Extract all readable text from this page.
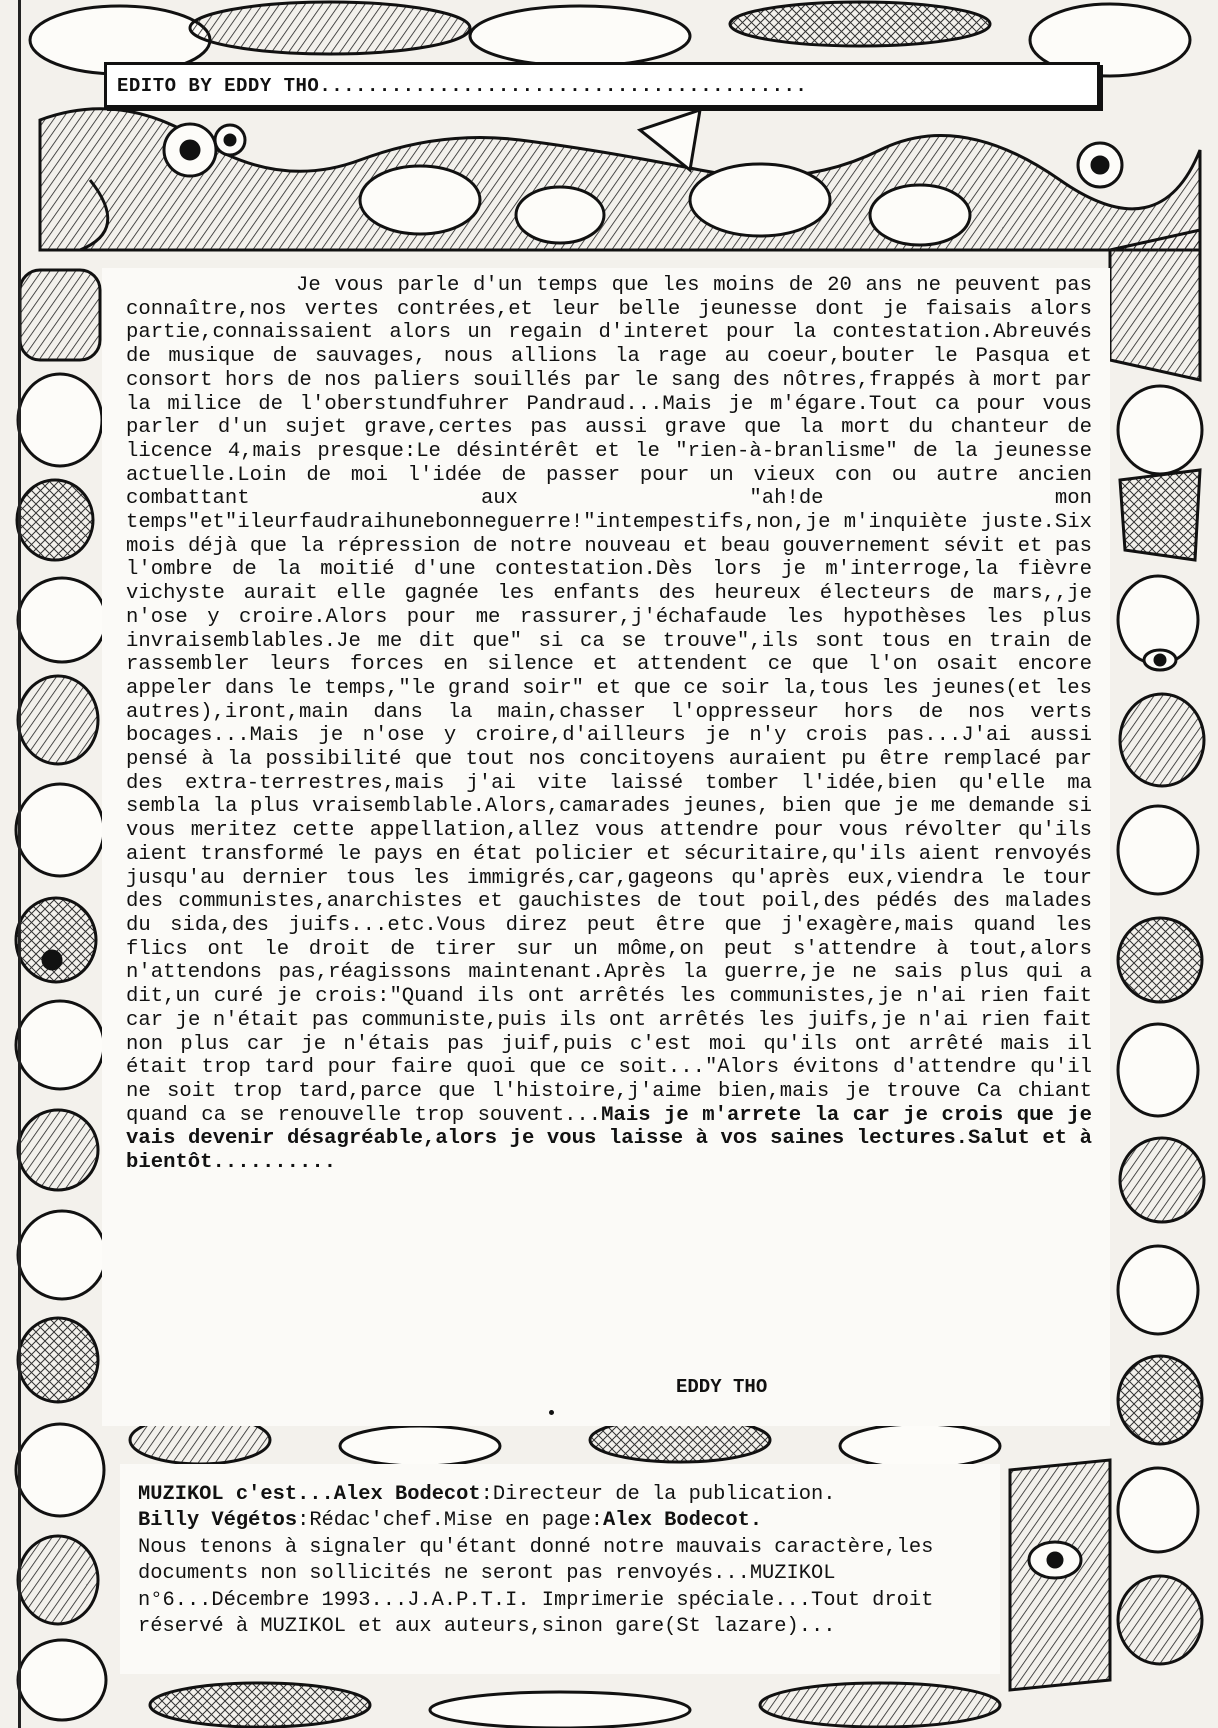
EDITO BY EDDY THO.........................................

Je vous parle d'un temps que les moins de 20 ans ne peuvent pas connaître,nos vertes contrées,et leur belle jeunesse dont je faisais alors partie,connaissaient alors un regain d'interet pour la contestation.Abreuvés de musique de sauvages, nous allions la rage au coeur,bouter le Pasqua et consort hors de nos paliers souillés par le sang des nôtres,frappés à mort par la milice de l'oberstundfuhrer Pandraud...Mais je m'égare.Tout ca pour vous parler d'un sujet grave,certes pas aussi grave que la mort du chanteur de licence 4,mais presque:Le désintérêt et le "rien-à-branlisme" de la jeunesse actuelle.Loin de moi l'idée de passer pour un vieux con ou autre ancien combattant aux "ah!de mon temps"et"ileurfaudraihunebonneguerre!"intempestifs,non,je m'inquiète juste.Six mois déjà que la répression de notre nouveau et beau gouvernement sévit et pas l'ombre de la moitié d'une contestation.Dès lors je m'interroge,la fièvre vichyste aurait elle gagnée les enfants des heureux électeurs de mars,,je n'ose y croire.Alors pour me rassurer,j'échafaude les hypothèses les plus invraisemblables.Je me dit que" si ca se trouve",ils sont tous en train de rassembler leurs forces en silence et attendent ce que l'on osait encore appeler dans le temps,"le grand soir" et que ce soir la,tous les jeunes(et les autres),iront,main dans la main,chasser l'oppresseur hors de nos verts bocages...Mais je n'ose y croire,d'ailleurs je n'y crois pas...J'ai aussi pensé à la possibilité que tout nos concitoyens auraient pu être remplacé par des extra-terrestres,mais j'ai vite laissé tomber l'idée,bien qu'elle ma sembla la plus vraisemblable.Alors,camarades jeunes, bien que je me demande si vous meritez cette appellation,allez vous attendre pour vous révolter qu'ils aient transformé le pays en état policier et sécuritaire,qu'ils aient renvoyés jusqu'au dernier tous les immigrés,car,gageons qu'après eux,viendra le tour des communistes,anarchistes et gauchistes de tout poil,des pédés des malades du sida,des juifs...etc.Vous direz peut être que j'exagère,mais quand les flics ont le droit de tirer sur un môme,on peut s'attendre à tout,alors n'attendons pas,réagissons maintenant.Après la guerre,je ne sais plus qui a dit,un curé je crois:"Quand ils ont arrêtés les communistes,je n'ai rien fait car je n'était pas communiste,puis ils ont arrêtés les juifs,je n'ai rien fait non plus car je n'étais pas juif,puis c'est moi qu'ils ont arrêté mais il était trop tard pour faire quoi que ce soit..."Alors évitons d'attendre qu'il ne soit trop tard,parce que l'histoire,j'aime bien,mais je trouve Ca chiant quand ca se renouvelle trop souvent...Mais je m'arrete la car je crois que je vais devenir désagréable,alors je vous laisse à vos saines lectures.Salut et à bientôt..........

EDDY THO

MUZIKOL c'est...Alex Bodecot:Directeur de la publication.
Billy Végétos:Rédac'chef.Mise en page:Alex Bodecot.
Nous tenons à signaler qu'étant donné notre mauvais caractère,les documents non sollicités ne seront pas renvoyés...MUZIKOL n°6...Décembre 1993...J.A.P.T.I. Imprimerie spéciale...Tout droit réservé à MUZIKOL et aux auteurs,sinon gare(St lazare)...
